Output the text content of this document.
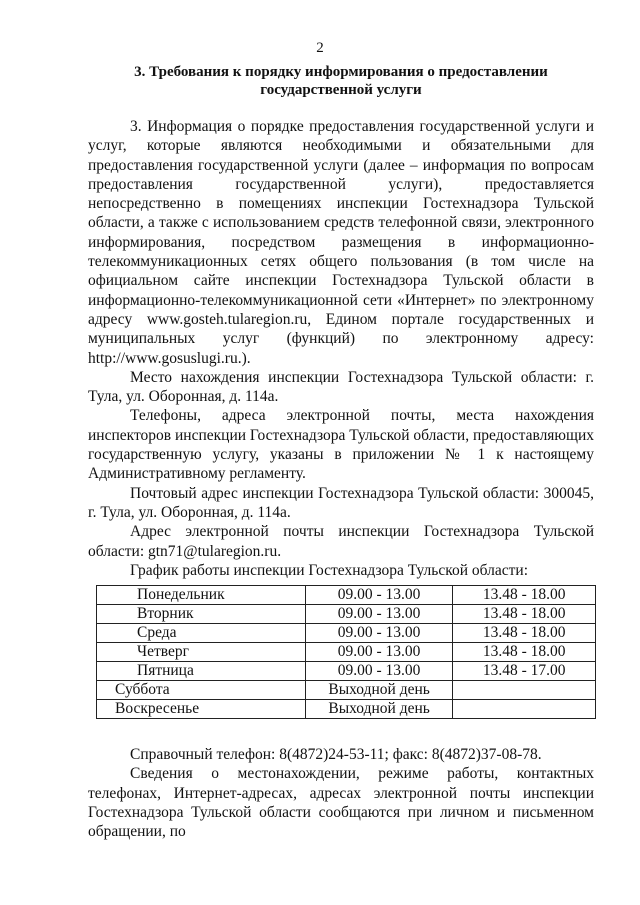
2
3. Требования к порядку информирования о предоставлении
государственной услуги

3. Информация о порядке предоставления государственной услуги и услуг, которые являются необходимыми и обязательными для предоставления государственной услуги (далее – информация по вопросам предоставления государственной услуги), предоставляется непосредственно в помещениях инспекции Гостехнадзора Тульской области, а также с использованием средств телефонной связи, электронного информирования, посредством размещения в информационно-телекоммуникационных сетях общего пользования (в том числе на официальном сайте инспекции Гостехнадзора Тульской области в информационно-телекоммуникационной сети «Интернет» по электронному адресу www.gosteh.tularegion.ru, Едином портале государственных и муниципальных услуг (функций) по электронному адресу: http://www.gosuslugi.ru.).

Место нахождения инспекции Гостехнадзора Тульской области: г. Тула, ул. Оборонная, д. 114а.

Телефоны, адреса электронной почты, места нахождения инспекторов инспекции Гостехнадзора Тульской области, предоставляющих государственную услугу, указаны в приложении № 1 к настоящему Административному регламенту.

Почтовый адрес инспекции Гостехнадзора Тульской области: 300045, г. Тула, ул. Оборонная, д. 114а.

Адрес электронной почты инспекции Гостехнадзора Тульской области: gtn71@tularegion.ru.

График работы инспекции Гостехнадзора Тульской области:

Понедельник	09.00 - 13.00	13.48 - 18.00
Вторник	09.00 - 13.00	13.48 - 18.00
Среда	09.00 - 13.00	13.48 - 18.00
Четверг	09.00 - 13.00	13.48 - 18.00
Пятница	09.00 - 13.00	13.48 - 17.00
Суббота	Выходной день	
Воскресенье	Выходной день	

Справочный телефон: 8(4872)24-53-11; факс: 8(4872)37-08-78.

Сведения о местонахождении, режиме работы, контактных телефонах, Интернет-адресах, адресах электронной почты инспекции Гостехнадзора Тульской области сообщаются при личном и письменном обращении, по
